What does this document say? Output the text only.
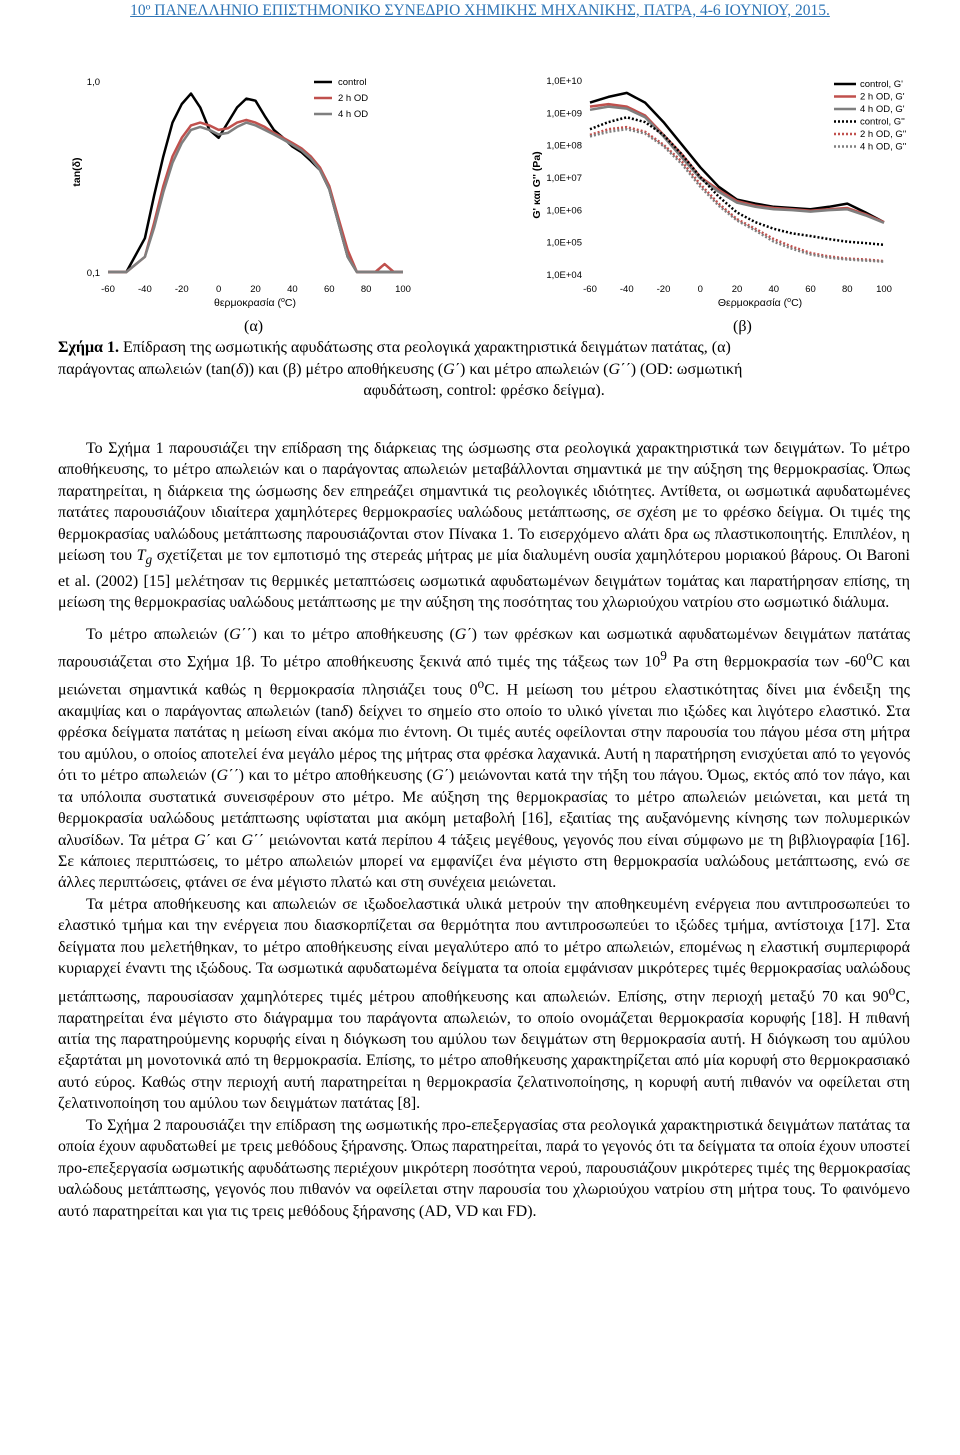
10º ΠΑΝΕΛΛΗΝΙΟ ΕΠΙΣΤΗΜΟΝΙΚΟ ΣΥΝΕΔΡΙΟ ΧΗΜΙΚΗΣ ΜΗΧΑΝΙΚΗΣ, ΠΑΤΡΑ, 4-6 ΙΟΥΝΙΟΥ, 2015.
tan(δ)
1,0
0,1
θερμοκρασία ($^o$C)
-60 -40 -20	0	20	40	60	80 100
control
2 h OD
4 h OD
(α)
G' και G'' (Pa)
1,0E+10
1,0E+09
1,0E+08
1,0E+07
1,0E+06
1,0E+05
1,0E+04
Θερμοκρασία ($^o$C)
-60 -40 -20	0	20	40	60	80 100
control, G'
2 h OD, G'
4 h OD, G'
control, G''
2 h OD, G''
4 h OD, G''
(β)
Σχήμα 1. Επίδραση της ωσμωτικής αφυδάτωσης στα ρεολογικά χαρακτηριστικά δειγμάτων πατάτας, (α)
παράγοντας απωλειών (tan(δ)) και (β) μέτρο αποθήκευσης (G΄) και μέτρο απωλειών (G΄΄) (OD: ωσμωτική
αφυδάτωση, control: φρέσκο δείγμα).

Το Σχήμα 1 παρουσιάζει την επίδραση της διάρκειας της ώσμωσης στα ρεολογικά χαρακτηριστικά των δειγμάτων. Το μέτρο αποθήκευσης, το μέτρο απωλειών και ο παράγοντας απωλειών μεταβάλλονται σημαντικά με την αύξηση της θερμοκρασίας. Όπως παρατηρείται, η διάρκεια της ώσμωσης δεν επηρεάζει σημαντικά τις ρεολογικές ιδιότητες. Αντίθετα, οι ωσμωτικά αφυδατωμένες πατάτες παρουσιάζουν ιδιαίτερα χαμηλότερες θερμοκρασίες υαλώδους μετάπτωσης, σε σχέση με το φρέσκο δείγμα. Οι τιμές της θερμοκρασίας υαλώδους μετάπτωσης παρουσιάζονται στον Πίνακα 1. Το εισερχόμενο αλάτι δρα ως πλαστικοποιητής. Επιπλέον, η μείωση του $T_g$ σχετίζεται με τον εμποτισμό της στερεάς μήτρας με μία διαλυμένη ουσία χαμηλότερου μοριακού βάρους. Οι Baroni et al. (2002) [15] μελέτησαν τις θερμικές μεταπτώσεις ωσμωτικά αφυδατωμένων δειγμάτων τομάτας και παρατήρησαν επίσης, τη μείωση της θερμοκρασίας υαλώδους μετάπτωσης με την αύξηση της ποσότητας του χλωριούχου νατρίου στο ωσμωτικό διάλυμα.

Το μέτρο απωλειών (G΄΄) και το μέτρο αποθήκευσης (G΄) των φρέσκων και ωσμωτικά αφυδατωμένων δειγμάτων πατάτας παρουσιάζεται στο Σχήμα 1β. Το μέτρο αποθήκευσης ξεκινά από τιμές της τάξεως των $10^9$ Pa στη θερμοκρασία των -60$^o$C και μειώνεται σημαντικά καθώς η θερμοκρασία πλησιάζει τους 0$^o$C. Η μείωση του μέτρου ελαστικότητας δίνει μια ένδειξη της ακαμψίας και ο παράγοντας απωλειών (tanδ) δείχνει το σημείο στο οποίο το υλικό γίνεται πιο ιξώδες και λιγότερο ελαστικό. Στα φρέσκα δείγματα πατάτας η μείωση είναι ακόμα πιο έντονη. Οι τιμές αυτές οφείλονται στην παρουσία του πάγου μέσα στη μήτρα του αμύλου, ο οποίος αποτελεί ένα μεγάλο μέρος της μήτρας στα φρέσκα λαχανικά. Αυτή η παρατήρηση ενισχύεται από το γεγονός ότι το μέτρο απωλειών (G΄΄) και το μέτρο αποθήκευσης (G΄) μειώνονται κατά την τήξη του πάγου. Όμως, εκτός από τον πάγο, και τα υπόλοιπα συστατικά συνεισφέρουν στο μέτρο. Με αύξηση της θερμοκρασίας το μέτρο απωλειών μειώνεται, και μετά τη θερμοκρασία υαλώδους μετάπτωσης υφίσταται μια ακόμη μεταβολή [16], εξαιτίας της αυξανόμενης κίνησης των πολυμερικών αλυσίδων. Τα μέτρα G΄ και G΄΄ μειώνονται κατά περίπου 4 τάξεις μεγέθους, γεγονός που είναι σύμφωνο με τη βιβλιογραφία [16]. Σε κάποιες περιπτώσεις, το μέτρο απωλειών μπορεί να εμφανίζει ένα μέγιστο στη θερμοκρασία υαλώδους μετάπτωσης, ενώ σε άλλες περιπτώσεις, φτάνει σε ένα μέγιστο πλατώ και στη συνέχεια μειώνεται.

Τα μέτρα αποθήκευσης και απωλειών σε ιξωδοελαστικά υλικά μετρούν την αποθηκευμένη ενέργεια που αντιπροσωπεύει το ελαστικό τμήμα και την ενέργεια που διασκορπίζεται σα θερμότητα που αντιπροσωπεύει το ιξώδες τμήμα, αντίστοιχα [17]. Στα δείγματα που μελετήθηκαν, το μέτρο αποθήκευσης είναι μεγαλύτερο από το μέτρο απωλειών, επομένως η ελαστική συμπεριφορά κυριαρχεί έναντι της ιξώδους. Τα ωσμωτικά αφυδατωμένα δείγματα τα οποία εμφάνισαν μικρότερες τιμές θερμοκρασίας υαλώδους μετάπτωσης, παρουσίασαν χαμηλότερες τιμές μέτρου αποθήκευσης και απωλειών. Επίσης, στην περιοχή μεταξύ 70 και 90$^o$C, παρατηρείται ένα μέγιστο στο διάγραμμα του παράγοντα απωλειών, το οποίο ονομάζεται θερμοκρασία κορυφής [18]. Η πιθανή αιτία της παρατηρούμενης κορυφής είναι η διόγκωση του αμύλου των δειγμάτων στη θερμοκρασία αυτή. Η διόγκωση του αμύλου εξαρτάται μη μονοτονικά από τη θερμοκρασία. Επίσης, το μέτρο αποθήκευσης χαρακτηρίζεται από μία κορυφή στο θερμοκρασιακό αυτό εύρος. Καθώς στην περιοχή αυτή παρατηρείται η θερμοκρασία ζελατινοποίησης, η κορυφή αυτή πιθανόν να οφείλεται στη ζελατινοποίηση του αμύλου των δειγμάτων πατάτας [8].

Το Σχήμα 2 παρουσιάζει την επίδραση της ωσμωτικής προ-επεξεργασίας στα ρεολογικά χαρακτηριστικά δειγμάτων πατάτας τα οποία έχουν αφυδατωθεί με τρεις μεθόδους ξήρανσης. Όπως παρατηρείται, παρά το γεγονός ότι τα δείγματα τα οποία έχουν υποστεί προ-επεξεργασία ωσμωτικής αφυδάτωσης περιέχουν μικρότερη ποσότητα νερού, παρουσιάζουν μικρότερες τιμές της θερμοκρασίας υαλώδους μετάπτωσης, γεγονός που πιθανόν να οφείλεται στην παρουσία του χλωριούχου νατρίου στη μήτρα τους. Το φαινόμενο αυτό παρατηρείται και για τις τρεις μεθόδους ξήρανσης (AD, VD και FD).
